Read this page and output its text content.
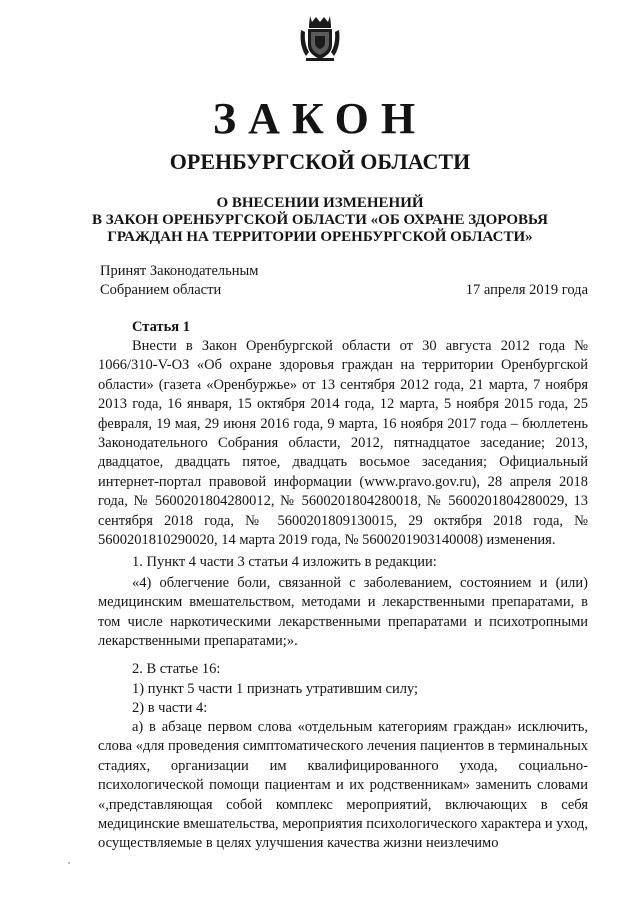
ЗАКОН
ОРЕНБУРГСКОЙ ОБЛАСТИ
О ВНЕСЕНИИ ИЗМЕНЕНИЙ
В ЗАКОН ОРЕНБУРГСКОЙ ОБЛАСТИ «ОБ ОХРАНЕ ЗДОРОВЬЯ
ГРАЖДАН НА ТЕРРИТОРИИ ОРЕНБУРГСКОЙ ОБЛАСТИ»
Принят Законодательным
Собранием области	17 апреля 2019 года
Статья 1

Внести в Закон Оренбургской области от 30 августа 2012 года № 1066/310-V-ОЗ «Об охране здоровья граждан на территории Оренбургской области» (газета «Оренбуржье» от 13 сентября 2012 года, 21 марта, 7 ноября 2013 года, 16 января, 15 октября 2014 года, 12 марта, 5 ноября 2015 года, 25 февраля, 19 мая, 29 июня 2016 года, 9 марта, 16 ноября 2017 года – бюллетень Законодательного Собрания области, 2012, пятнадцатое заседание; 2013, двадцатое, двадцать пятое, двадцать восьмое заседания; Официальный интернет-портал правовой информации (www.pravo.gov.ru), 28 апреля 2018 года, № 5600201804280012, № 5600201804280018, № 5600201804280029, 13 сентября 2018 года, № 5600201809130015, 29 октября 2018 года, № 5600201810290020, 14 марта 2019 года, № 5600201903140008) изменения.

1. Пункт 4 части 3 статьи 4 изложить в редакции:

«4) облегчение боли, связанной с заболеванием, состоянием и (или) медицинским вмешательством, методами и лекарственными препаратами, в том числе наркотическими лекарственными препаратами и психотропными лекарственными препаратами;».

2. В статье 16:

1) пункт 5 части 1 признать утратившим силу;

2) в части 4:

а) в абзаце первом слова «отдельным категориям граждан» исключить, слова «для проведения симптоматического лечения пациентов в терминальных стадиях, организации им квалифицированного ухода, социально-психологической помощи пациентам и их родственникам» заменить словами «,представляющая собой комплекс мероприятий, включающих в себя медицинские вмешательства, мероприятия психологического характера и уход, осуществляемые в целях улучшения качества жизни неизлечимо
